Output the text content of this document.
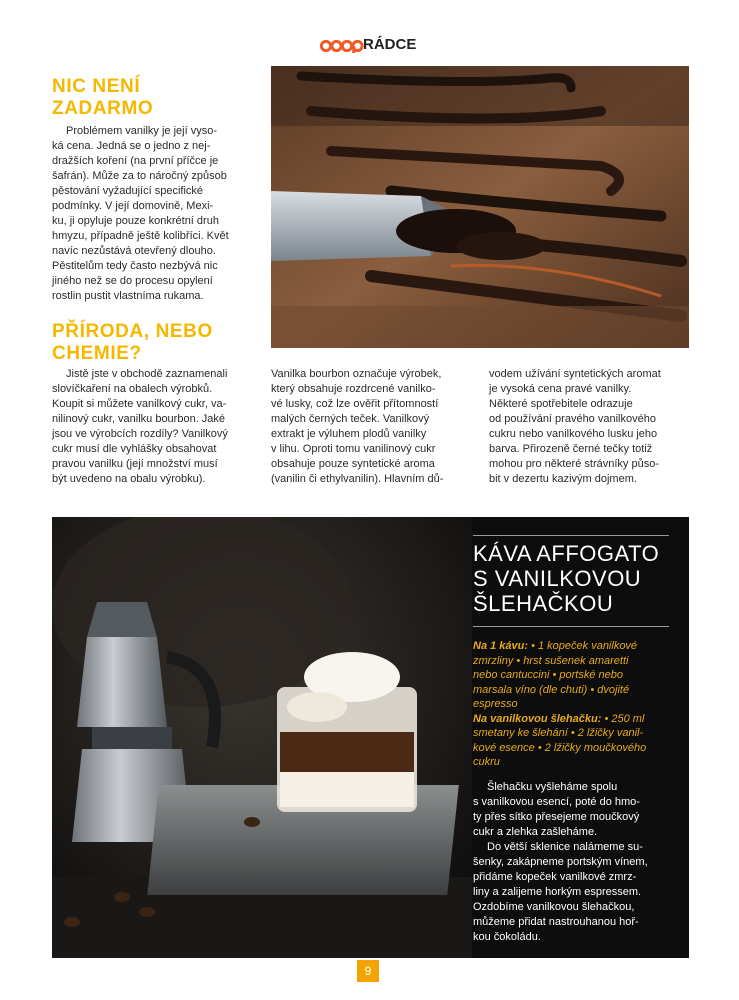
RÁDCE
NIC NENÍ
ZADARMO
Problémem vanilky je její vyso-
ká cena. Jedná se o jedno z nej-
dražších koření (na první příčce je
šafrán). Může za to náročný způsob
pěstování vyžadující specifické
podmínky. V její domovině, Mexi-
ku, ji opyluje pouze konkrétní druh
hmyzu, případně ještě kolibříci. Květ
navíc nezůstává otevřený dlouho.
Pěstitelům tedy často nezbývá nic
jiného než se do procesu opylení
rostlin pustit vlastníma rukama.
PŘÍRODA, NEBO
CHEMIE?
Jistě jste v obchodě zaznamenali
slovíčkaření na obalech výrobků.
Koupit si můžete vanilkový cukr, va-
nilinový cukr, vanilku bourbon. Jaké
jsou ve výrobcích rozdíly? Vanilkový
cukr musí dle vyhlášky obsahovat
pravou vanilku (její množství musí
být uvedeno na obalu výrobku).
Vanilka bourbon označuje výrobek,
který obsahuje rozdrcené vanilko-
vé lusky, což lze ověřit přítomností
malých černých teček. Vanilkový
extrakt je výluhem plodů vanilky
v lihu. Oproti tomu vanilinový cukr
obsahuje pouze syntetické aroma
(vanilin či ethylvanilin). Hlavním dů-
vodem užívání syntetických aromat
je vysoká cena pravé vanilky.
Některé spotřebitele odrazuje
od používání pravého vanilkového
cukru nebo vanilkového lusku jeho
barva. Přirozeně černé tečky totiž
mohou pro některé strávníky půso-
bit v dezertu kazivým dojmem.
KÁVA AFFOGATO
S VANILKOVOU
ŠLEHAČKOU
Na 1 kávu: • 1 kopeček vanilkové
zmrzliny • hrst sušenek amaretti
nebo cantuccini • portské nebo
marsala víno (dle chuti) • dvojité
espresso
Na vanilkovou šlehačku: • 250 ml
smetany ke šlehání • 2 lžičky vanil-
kové esence • 2 lžičky moučkového
cukru
Šlehačku vyšleháme spolu
s vanilkovou esencí, poté do hmo-
ty přes sítko přesejeme moučkový
cukr a zlehka zašleháme.
Do větší sklenice nalámeme su-
šenky, zakápneme portským vínem,
přidáme kopeček vanilkové zmrz-
liny a zalijeme horkým espressem.
Ozdobíme vanilkovou šlehačkou,
můžeme přidat nastrouhanou hoř-
kou čokoládu.
9
